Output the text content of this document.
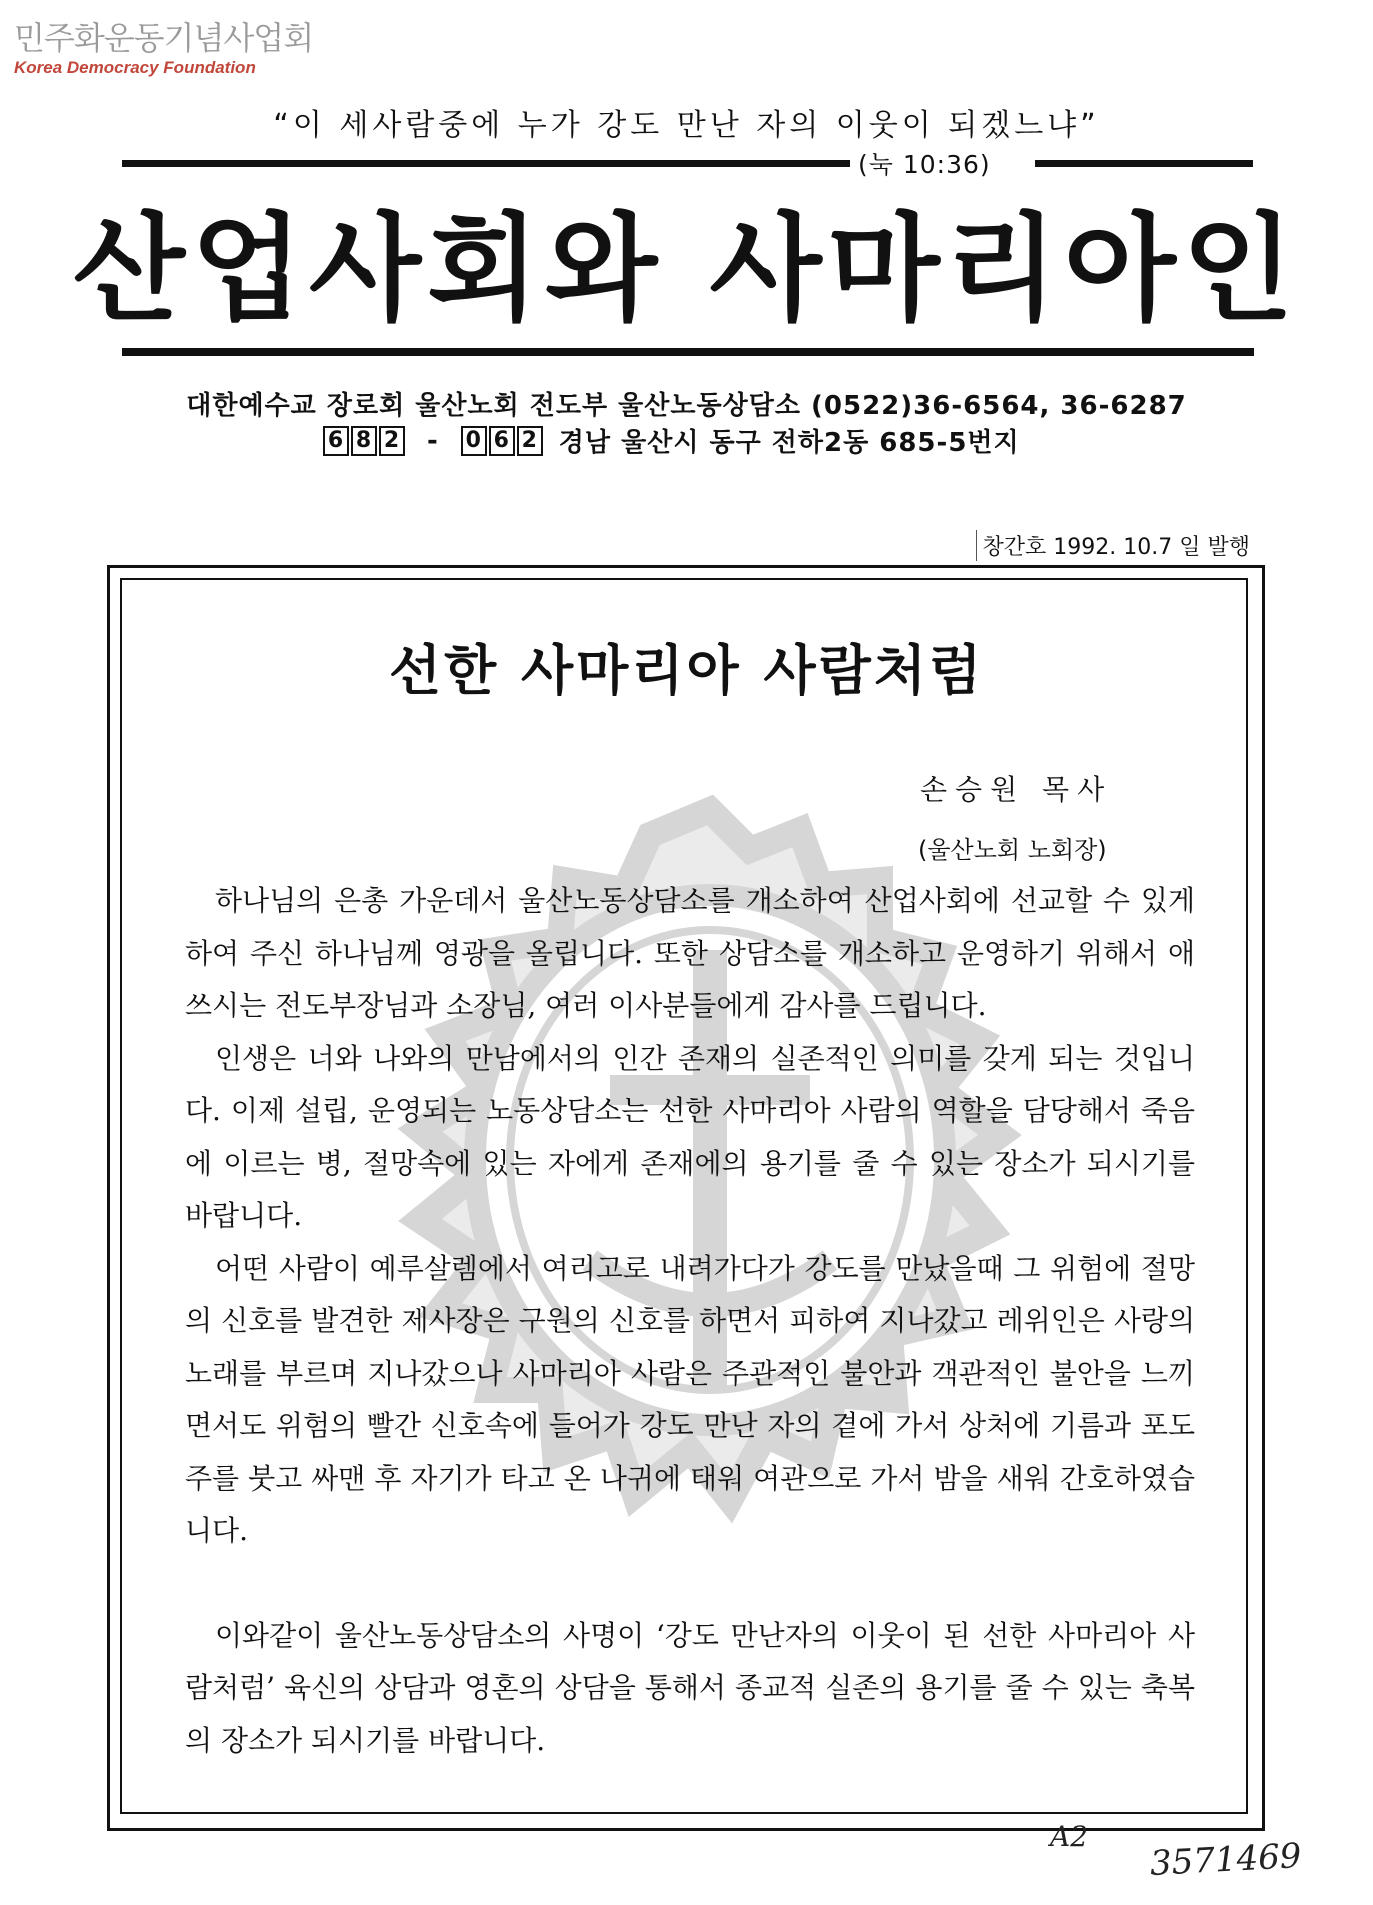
민주화운동기념사업회
Korea Democracy Foundation
“이 세사람중에 누가 강도 만난 자의 이웃이 되겠느냐”
(눅 10:36)
산업사회와 사마리아인
대한예수교 장로회 울산노회 전도부 울산노동상담소 (0522)36-6564, 36-6287
6 8 2 - 0 6 2 경남 울산시 동구 전하2동 685-5번지
창간호 1992. 10.7 일 발행
선한 사마리아 사람처럼
손승원 목사
(울산노회 노회장)

하나님의 은총 가운데서 울산노동상담소를 개소하여 산업사회에 선교할 수 있게하여 주신 하나님께 영광을 올립니다. 또한 상담소를 개소하고 운영하기 위해서 애쓰시는 전도부장님과 소장님, 여러 이사분들에게 감사를 드립니다.

인생은 너와 나와의 만남에서의 인간 존재의 실존적인 의미를 갖게 되는 것입니다. 이제 설립, 운영되는 노동상담소는 선한 사마리아 사람의 역할을 담당해서 죽음에 이르는 병, 절망속에 있는 자에게 존재에의 용기를 줄 수 있는 장소가 되시기를 바랍니다.

어떤 사람이 예루살렘에서 여리고로 내려가다가 강도를 만났을때 그 위험에 절망의 신호를 발견한 제사장은 구원의 신호를 하면서 피하여 지나갔고 레위인은 사랑의 노래를 부르며 지나갔으나 사마리아 사람은 주관적인 불안과 객관적인 불안을 느끼면서도 위험의 빨간 신호속에 들어가 강도 만난 자의 곁에 가서 상처에 기름과 포도주를 붓고 싸맨 후 자기가 타고 온 나귀에 태워 여관으로 가서 밤을 새워 간호하였습니다.

이와같이 울산노동상담소의 사명이 ‘강도 만난자의 이웃이 된 선한 사마리아 사람처럼’ 육신의 상담과 영혼의 상담을 통해서 종교적 실존의 용기를 줄 수 있는 축복의 장소가 되시기를 바랍니다.

A2 3571469
